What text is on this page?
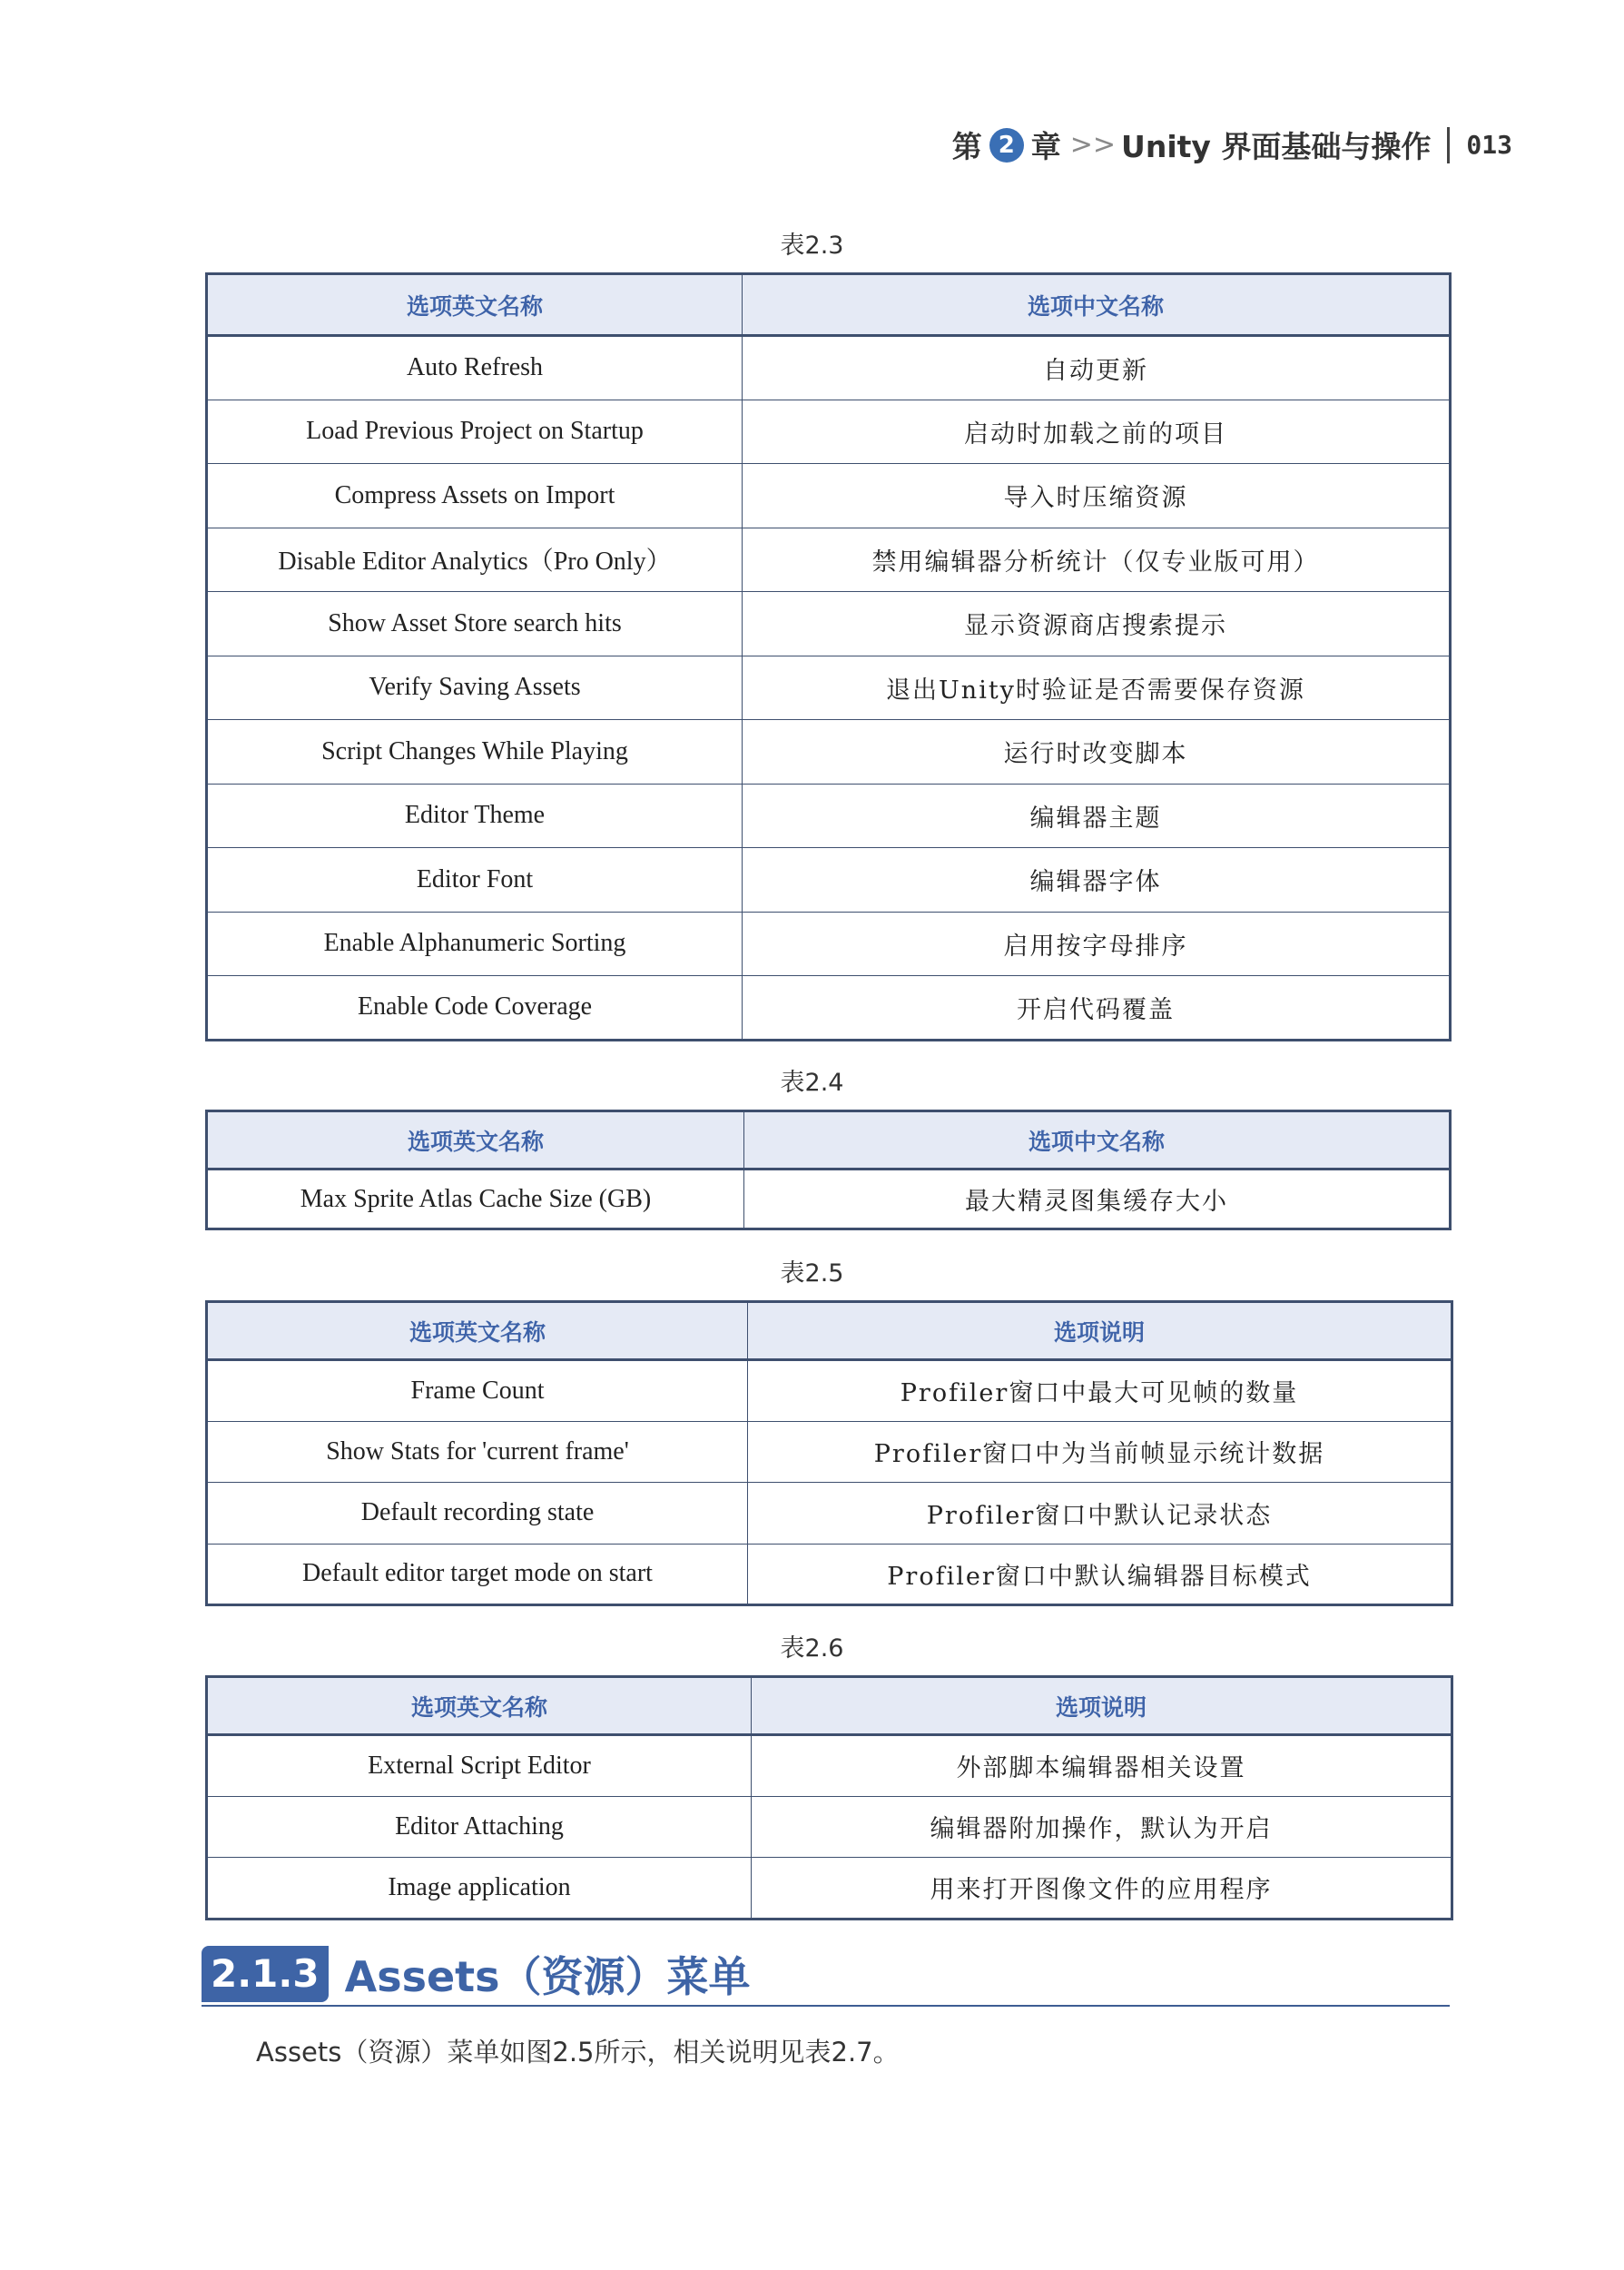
第 2 章 >> Unity 界面基础与操作 013
表2.3
选项英文名称	选项中文名称
Auto Refresh	自动更新
Load Previous Project on Startup	启动时加载之前的项目
Compress Assets on Import	导入时压缩资源
Disable Editor Analytics（Pro Only）	禁用编辑器分析统计（仅专业版可用）
Show Asset Store search hits	显示资源商店搜索提示
Verify Saving Assets	退出Unity时验证是否需要保存资源
Script Changes While Playing	运行时改变脚本
Editor Theme	编辑器主题
Editor Font	编辑器字体
Enable Alphanumeric Sorting	启用按字母排序
Enable Code Coverage	开启代码覆盖
表2.4
选项英文名称	选项中文名称
Max Sprite Atlas Cache Size (GB)	最大精灵图集缓存大小
表2.5
选项英文名称	选项说明
Frame Count	Profiler窗口中最大可见帧的数量
Show Stats for 'current frame'	Profiler窗口中为当前帧显示统计数据
Default recording state	Profiler窗口中默认记录状态
Default editor target mode on start	Profiler窗口中默认编辑器目标模式
表2.6
选项英文名称	选项说明
External Script Editor	外部脚本编辑器相关设置
Editor Attaching	编辑器附加操作，默认为开启
Image application	用来打开图像文件的应用程序
2.1.3 Assets（资源）菜单
Assets（资源）菜单如图2.5所示，相关说明见表2.7。
